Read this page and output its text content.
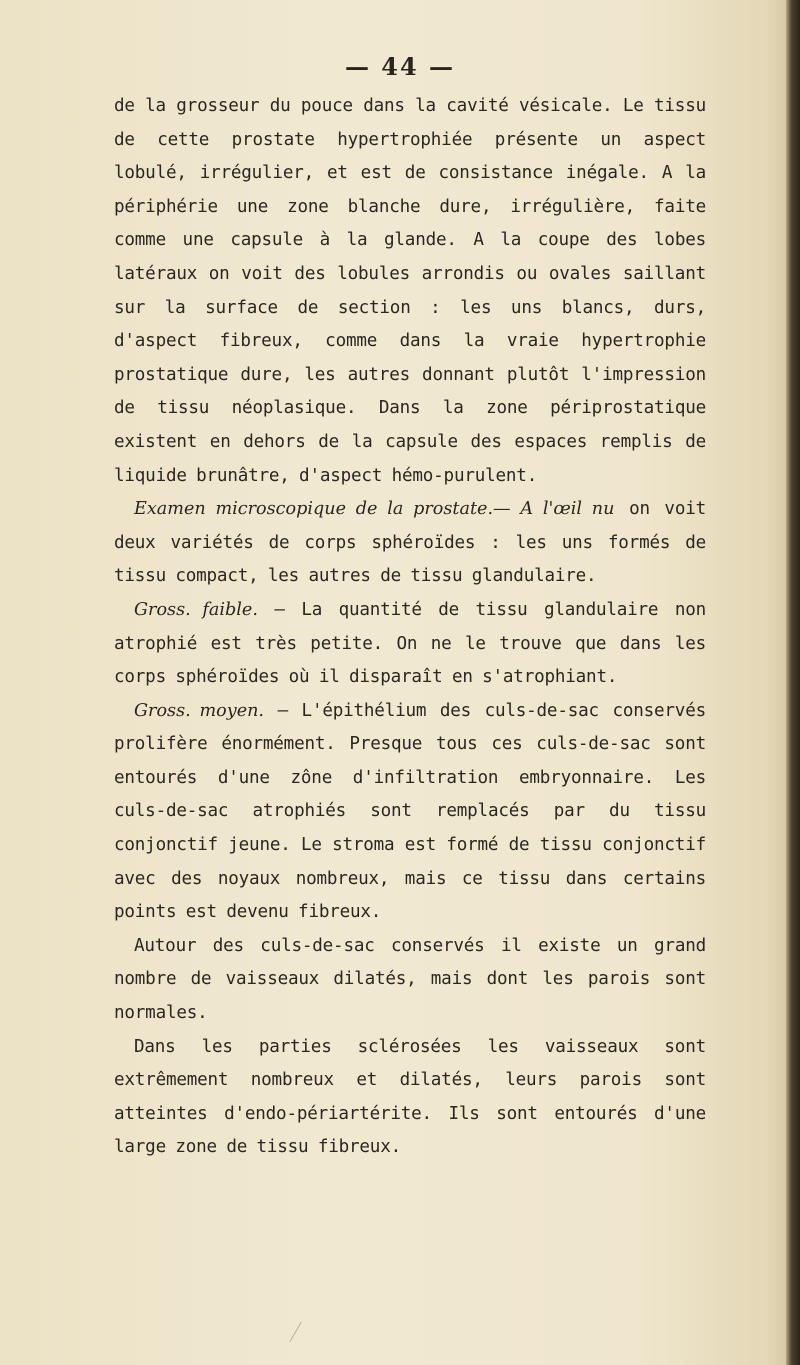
— 44 —

de la grosseur du pouce dans la cavité vésicale. Le tissu de cette prostate hypertrophiée présente un aspect lobulé, irrégulier, et est de consistance inégale. A la périphérie une zone blanche dure, irrégulière, faite comme une capsule à la glande. A la coupe des lobes latéraux on voit des lobules arrondis ou ovales saillant sur la surface de section : les uns blancs, durs, d'aspect fibreux, comme dans la vraie hypertrophie prostatique dure, les autres donnant plutôt l'impression de tissu néoplasique. Dans la zone périprostatique existent en dehors de la capsule des espaces remplis de liquide brunâtre, d'aspect hémo-purulent.

Examen microscopique de la prostate.— A l'œil nu on voit deux variétés de corps sphéroïdes : les uns formés de tissu compact, les autres de tissu glandulaire.

Gross. faible. — La quantité de tissu glandulaire non atrophié est très petite. On ne le trouve que dans les corps sphéroïdes où il disparaît en s'atrophiant.

Gross. moyen. — L'épithélium des culs-de-sac conservés prolifère énormément. Presque tous ces culs-de-sac sont entourés d'une zône d'infiltration embryonnaire. Les culs-de-sac atrophiés sont remplacés par du tissu conjonctif jeune. Le stroma est formé de tissu conjonctif avec des noyaux nombreux, mais ce tissu dans certains points est devenu fibreux.

Autour des culs-de-sac conservés il existe un grand nombre de vaisseaux dilatés, mais dont les parois sont normales.

Dans les parties sclérosées les vaisseaux sont extrêmement nombreux et dilatés, leurs parois sont atteintes d'endo-périartérite. Ils sont entourés d'une large zone de tissu fibreux.
